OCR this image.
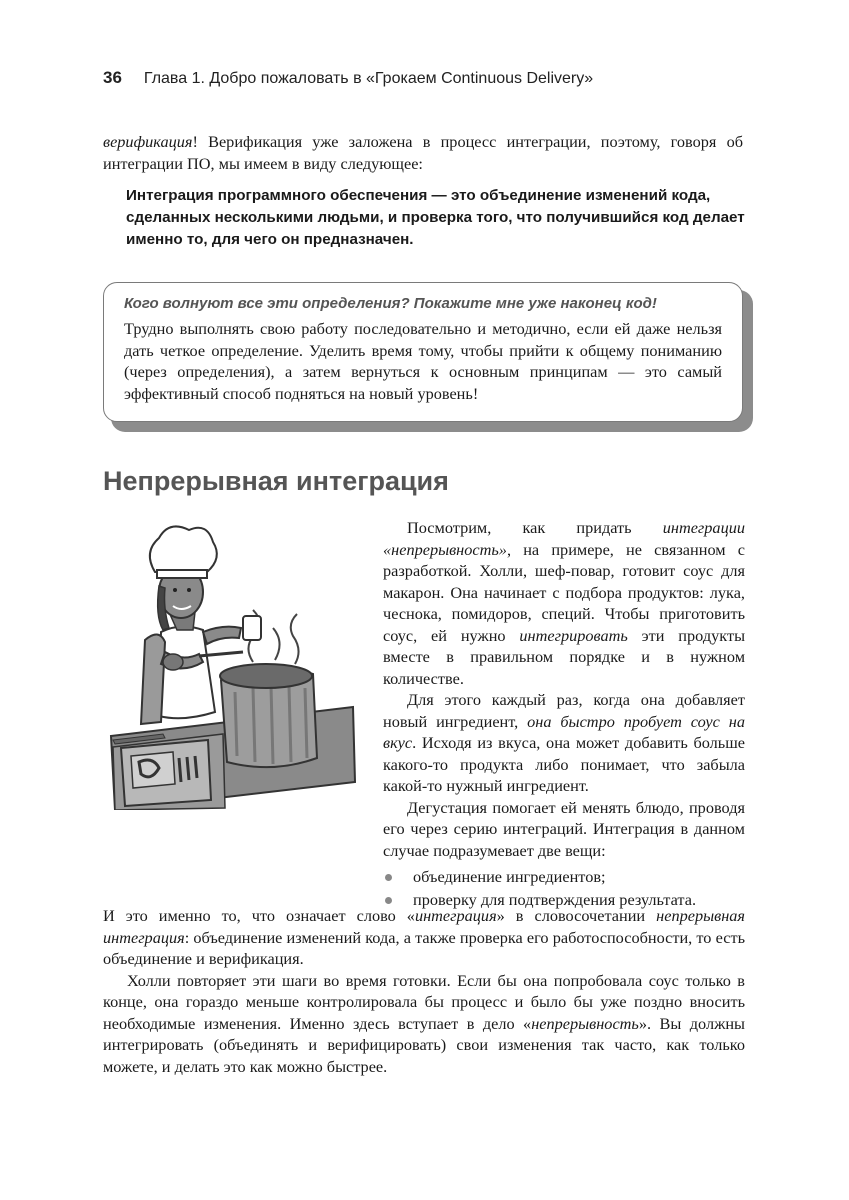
36 Глава 1. Добро пожаловать в «Грокаем Continuous Delivery»

верификация! Верификация уже заложена в процесс интеграции, поэтому, говоря об интеграции ПО, мы имеем в виду следующее:

Интеграция программного обеспечения — это объединение изменений кода, сделанных несколькими людьми, и проверка того, что получившийся код делает именно то, для чего он предназначен.
Кого волнуют все эти определения? Покажите мне уже наконец код!
Трудно выполнять свою работу последовательно и методично, если ей даже нельзя дать четкое определение. Уделить время тому, чтобы прийти к общему пониманию (через определения), а затем вернуться к основным принципам — это самый эффективный способ подняться на новый уровень!
Непрерывная интеграция

Посмотрим, как придать интеграции «непрерывность», на примере, не связанном с разработкой. Холли, шеф-повар, готовит соус для макарон. Она начинает с подбора продуктов: лука, чеснока, помидоров, специй. Чтобы приготовить соус, ей нужно интегрировать эти продукты вместе в правильном порядке и в нужном количестве.

Для этого каждый раз, когда она добавляет новый ингредиент, она быстро пробует соус на вкус. Исходя из вкуса, она может добавить больше какого-то продукта либо понимает, что забыла какой-то нужный ингредиент.

Дегустация помогает ей менять блюдо, проводя его через серию интеграций. Интеграция в данном случае подразумевает две вещи:

объединение ингредиентов;
проверку для подтверждения результата.

И это именно то, что означает слово «интеграция» в словосочетании непрерывная интеграция: объединение изменений кода, а также проверка его работоспособности, то есть объединение и верификация.

Холли повторяет эти шаги во время готовки. Если бы она попробовала соус только в конце, она гораздо меньше контролировала бы процесс и было бы уже поздно вносить необходимые изменения. Именно здесь вступает в дело «непрерывность». Вы должны интегрировать (объединять и верифицировать) свои изменения так часто, как только можете, и делать это как можно быстрее.
